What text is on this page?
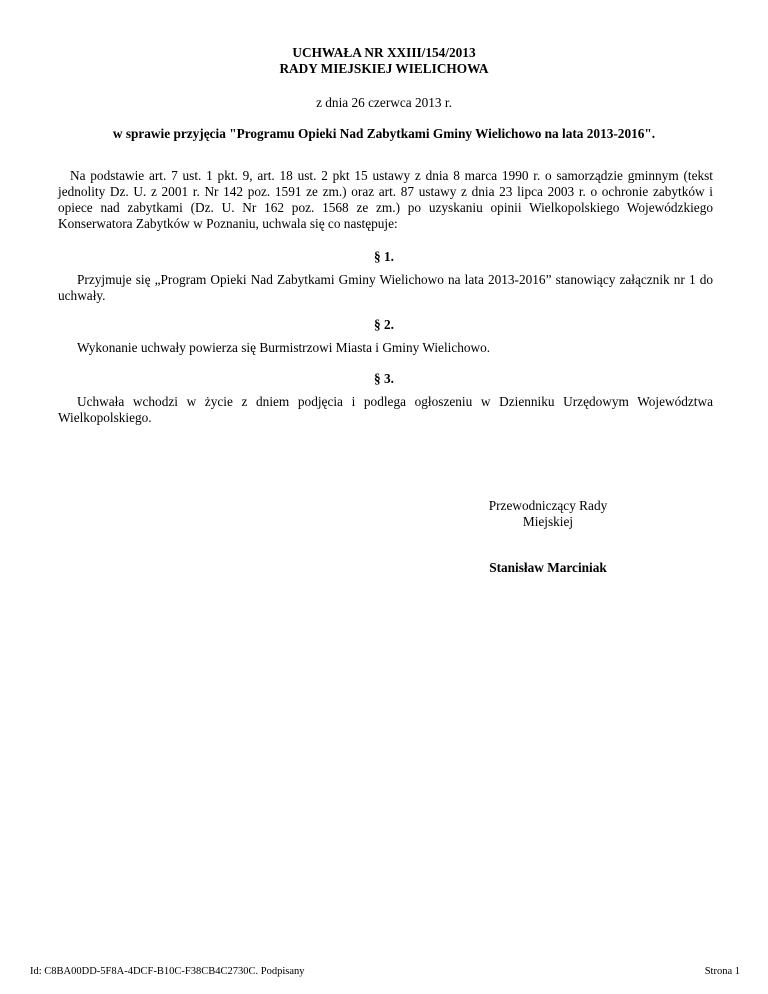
UCHWAŁA NR XXIII/154/2013
RADY MIEJSKIEJ WIELICHOWA
z dnia 26 czerwca 2013 r.
w sprawie przyjęcia "Programu Opieki Nad Zabytkami Gminy Wielichowo na lata 2013-2016".

Na podstawie art. 7 ust. 1 pkt. 9, art. 18 ust. 2 pkt 15 ustawy z dnia 8 marca 1990 r. o samorządzie gminnym (tekst jednolity Dz. U. z 2001 r. Nr 142 poz. 1591 ze zm.) oraz art. 87 ustawy z dnia 23 lipca 2003 r. o ochronie zabytków i opiece nad zabytkami (Dz. U. Nr 162 poz. 1568 ze zm.) po uzyskaniu opinii Wielkopolskiego Wojewódzkiego Konserwatora Zabytków w Poznaniu, uchwala się co następuje:

§ 1.

Przyjmuje się „Program Opieki Nad Zabytkami Gminy Wielichowo na lata 2013-2016” stanowiący załącznik nr 1 do uchwały.

§ 2.

Wykonanie uchwały powierza się Burmistrzowi Miasta i Gminy Wielichowo.

§ 3.

Uchwała wchodzi w życie z dniem podjęcia i podlega ogłoszeniu w Dzienniku Urzędowym Województwa Wielkopolskiego.

Przewodniczący Rady
Miejskiej
Stanisław Marciniak
Id: C8BA00DD-5F8A-4DCF-B10C-F38CB4C2730C. Podpisany	Strona 1
